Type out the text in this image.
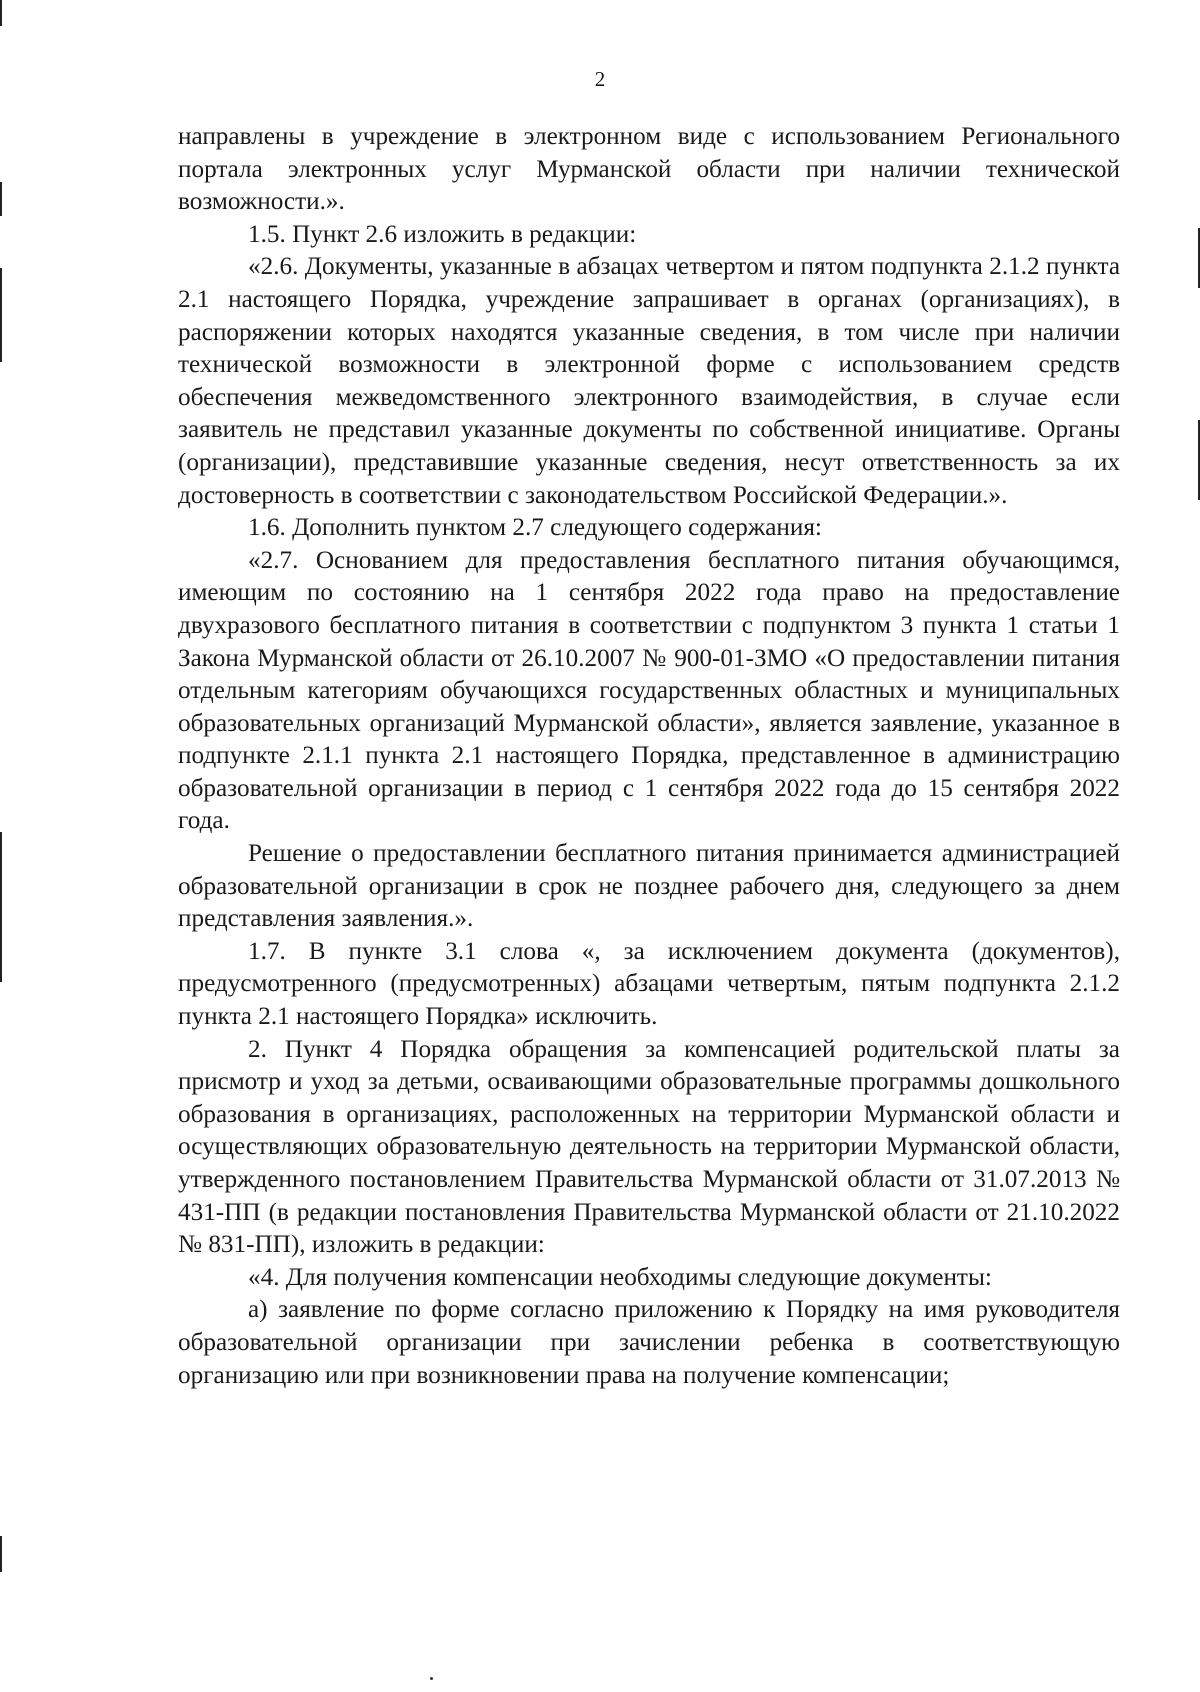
2

направлены в учреждение в электронном виде с использованием Регионального портала электронных услуг Мурманской области при наличии технической возможности.».

1.5. Пункт 2.6 изложить в редакции:

«2.6. Документы, указанные в абзацах четвертом и пятом подпункта 2.1.2 пункта 2.1 настоящего Порядка, учреждение запрашивает в органах (организациях), в распоряжении которых находятся указанные сведения, в том числе при наличии технической возможности в электронной форме с использованием средств обеспечения межведомственного электронного взаимодействия, в случае если заявитель не представил указанные документы по собственной инициативе. Органы (организации), представившие указанные сведения, несут ответственность за их достоверность в соответствии с законодательством Российской Федерации.».

1.6. Дополнить пунктом 2.7 следующего содержания:

«2.7. Основанием для предоставления бесплатного питания обучающимся, имеющим по состоянию на 1 сентября 2022 года право на предоставление двухразового бесплатного питания в соответствии с подпунктом 3 пункта 1 статьи 1 Закона Мурманской области от 26.10.2007 № 900-01-ЗМО «О предоставлении питания отдельным категориям обучающихся государственных областных и муниципальных образовательных организаций Мурманской области», является заявление, указанное в подпункте 2.1.1 пункта 2.1 настоящего Порядка, представленное в администрацию образовательной организации в период с 1 сентября 2022 года до 15 сентября 2022 года.

Решение о предоставлении бесплатного питания принимается администрацией образовательной организации в срок не позднее рабочего дня, следующего за днем представления заявления.».

1.7. В пункте 3.1 слова «, за исключением документа (документов), предусмотренного (предусмотренных) абзацами четвертым, пятым подпункта 2.1.2 пункта 2.1 настоящего Порядка» исключить.

2. Пункт 4 Порядка обращения за компенсацией родительской платы за присмотр и уход за детьми, осваивающими образовательные программы дошкольного образования в организациях, расположенных на территории Мурманской области и осуществляющих образовательную деятельность на территории Мурманской области, утвержденного постановлением Правительства Мурманской области от 31.07.2013 № 431-ПП (в редакции постановления Правительства Мурманской области от 21.10.2022 № 831-ПП), изложить в редакции:

«4. Для получения компенсации необходимы следующие документы:

а) заявление по форме согласно приложению к Порядку на имя руководителя образовательной организации при зачислении ребенка в соответствующую организацию или при возникновении права на получение компенсации;
